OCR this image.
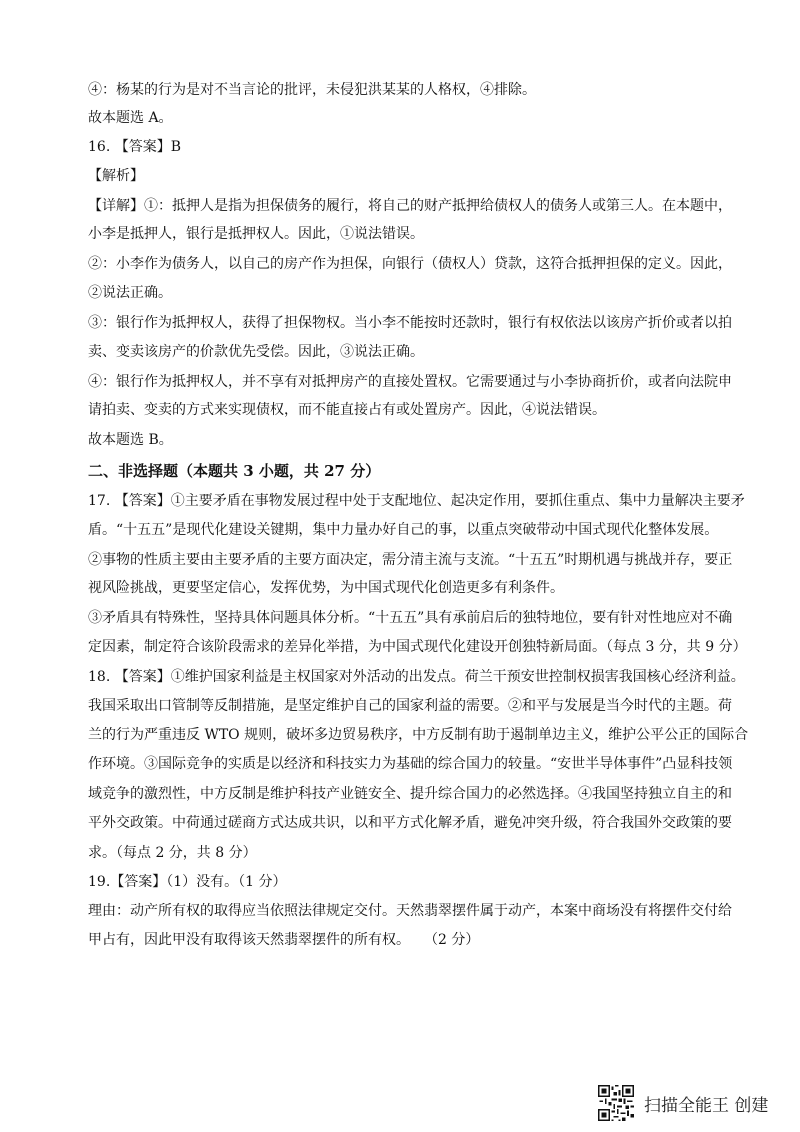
④：杨某的行为是对不当言论的批评，未侵犯洪某某的人格权，④排除。
故本题选 A。
16. 【答案】B
【解析】
【详解】①：抵押人是指为担保债务的履行，将自己的财产抵押给债权人的债务人或第三人。在本题中，
小李是抵押人，银行是抵押权人。因此，①说法错误。
②：小李作为债务人，以自己的房产作为担保，向银行（债权人）贷款，这符合抵押担保的定义。因此，
②说法正确。
③：银行作为抵押权人，获得了担保物权。当小李不能按时还款时，银行有权依法以该房产折价或者以拍
卖、变卖该房产的价款优先受偿。因此，③说法正确。
④：银行作为抵押权人，并不享有对抵押房产的直接处置权。它需要通过与小李协商折价，或者向法院申
请拍卖、变卖的方式来实现债权，而不能直接占有或处置房产。因此，④说法错误。
故本题选 B。
二、非选择题（本题共 3 小题，共 27 分）
17. 【答案】①主要矛盾在事物发展过程中处于支配地位、起决定作用，要抓住重点、集中力量解决主要矛
盾。“十五五”是现代化建设关键期，集中力量办好自己的事，以重点突破带动中国式现代化整体发展。
②事物的性质主要由主要矛盾的主要方面决定，需分清主流与支流。“十五五”时期机遇与挑战并存，要正
视风险挑战，更要坚定信心，发挥优势，为中国式现代化创造更多有利条件。
③矛盾具有特殊性，坚持具体问题具体分析。“十五五”具有承前启后的独特地位，要有针对性地应对不确
定因素，制定符合该阶段需求的差异化举措，为中国式现代化建设开创独特新局面。（每点 3 分，共 9 分）
18. 【答案】①维护国家利益是主权国家对外活动的出发点。荷兰干预安世控制权损害我国核心经济利益。
我国采取出口管制等反制措施，是坚定维护自己的国家利益的需要。②和平与发展是当今时代的主题。荷
兰的行为严重违反 WTO 规则，破坏多边贸易秩序，中方反制有助于遏制单边主义，维护公平公正的国际合
作环境。③国际竞争的实质是以经济和科技实力为基础的综合国力的较量。“安世半导体事件”凸显科技领
域竞争的激烈性，中方反制是维护科技产业链安全、提升综合国力的必然选择。④我国坚持独立自主的和
平外交政策。中荷通过磋商方式达成共识，以和平方式化解矛盾，避免冲突升级，符合我国外交政策的要
求。（每点 2 分，共 8 分）
19.【答案】（1）没有。（1 分）
理由：动产所有权的取得应当依照法律规定交付。天然翡翠摆件属于动产，本案中商场没有将摆件交付给
甲占有，因此甲没有取得该天然翡翠摆件的所有权。　　（2 分）
扫描全能王 创建
